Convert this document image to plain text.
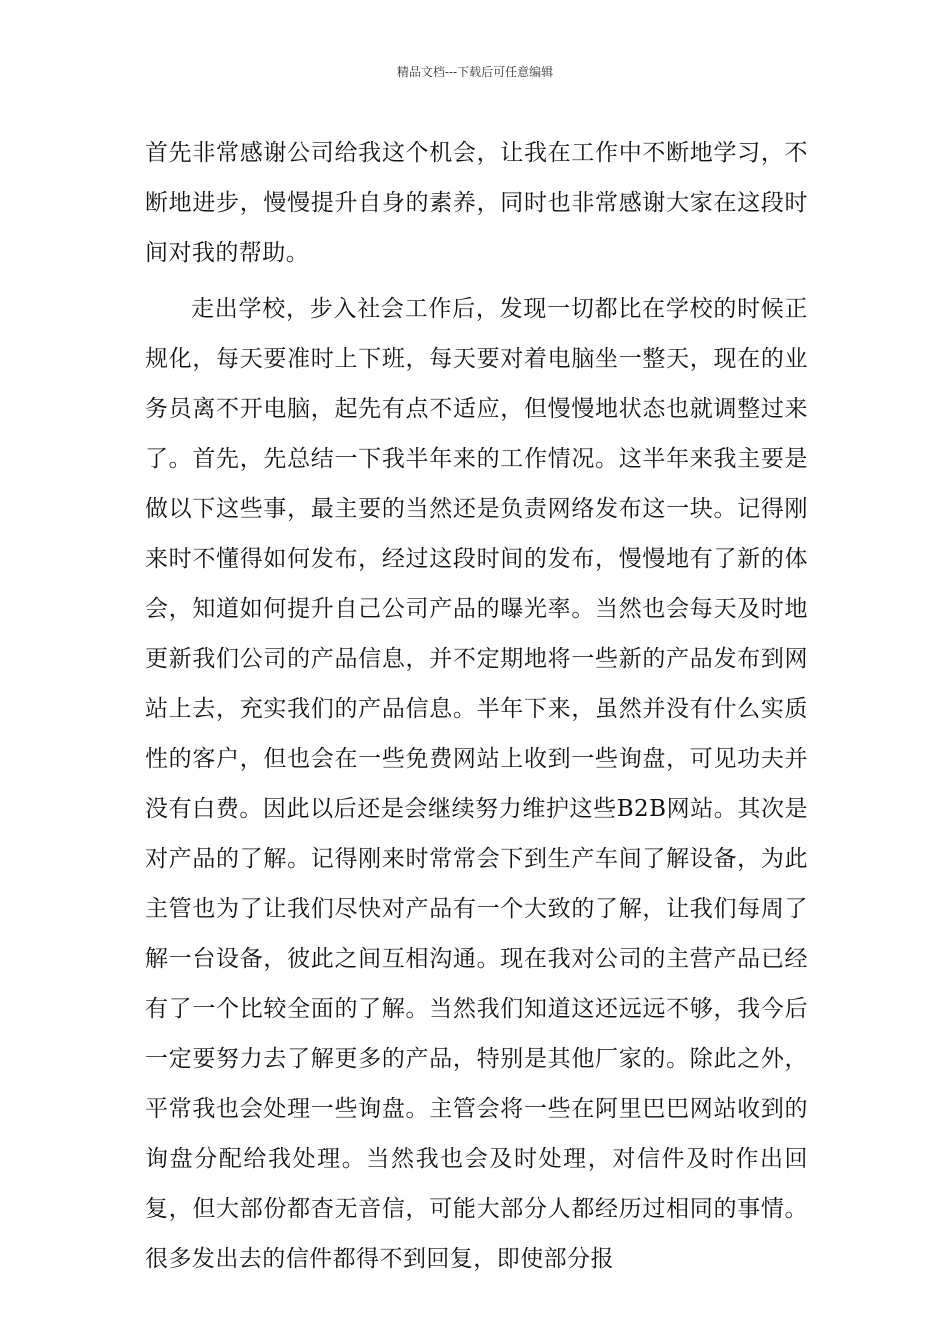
精品文档---下载后可任意编辑

首先非常感谢公司给我这个机会，让我在工作中不断地学习，不断地进步，慢慢提升自身的素养，同时也非常感谢大家在这段时间对我的帮助。

走出学校，步入社会工作后，发现一切都比在学校的时候正规化，每天要准时上下班，每天要对着电脑坐一整天，现在的业务员离不开电脑，起先有点不适应，但慢慢地状态也就调整过来了。首先，先总结一下我半年来的工作情况。这半年来我主要是做以下这些事，最主要的当然还是负责网络发布这一块。记得刚来时不懂得如何发布，经过这段时间的发布，慢慢地有了新的体会，知道如何提升自己公司产品的曝光率。当然也会每天及时地更新我们公司的产品信息，并不定期地将一些新的产品发布到网站上去，充实我们的产品信息。半年下来，虽然并没有什么实质性的客户，但也会在一些免费网站上收到一些询盘，可见功夫并没有白费。因此以后还是会继续努力维护这些B2B网站。其次是对产品的了解。记得刚来时常常会下到生产车间了解设备，为此主管也为了让我们尽快对产品有一个大致的了解，让我们每周了解一台设备，彼此之间互相沟通。现在我对公司的主营产品已经有了一个比较全面的了解。当然我们知道这还远远不够，我今后一定要努力去了解更多的产品，特别是其他厂家的。除此之外，平常我也会处理一些询盘。主管会将一些在阿里巴巴网站收到的询盘分配给我处理。当然我也会及时处理，对信件及时作出回复，但大部份都杳无音信，可能大部分人都经历过相同的事情。很多发出去的信件都得不到回复，即使部分报
